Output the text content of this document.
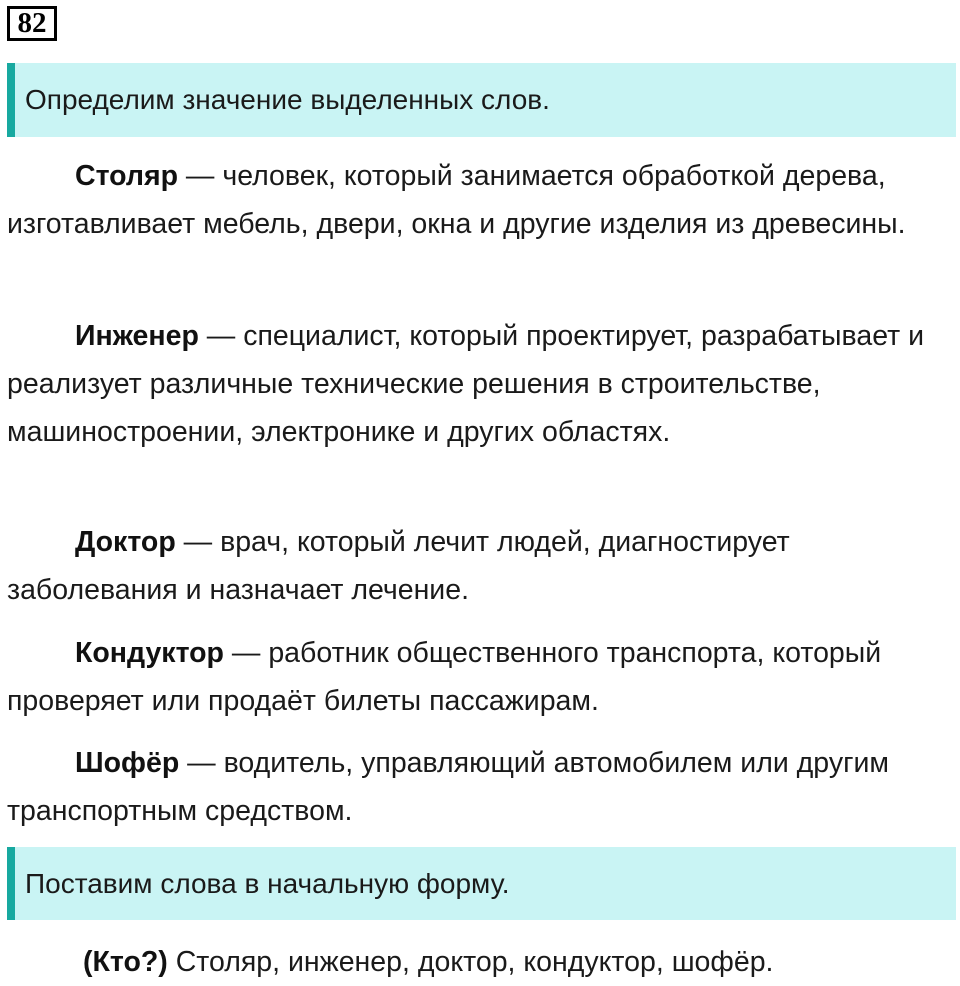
82
Определим значение выделенных слов.

Столяр — человек, который занимается обработкой дерева, изготавливает мебель, двери, окна и другие изделия из древесины.

Инженер — специалист, который проектирует, разрабатывает и реализует различные технические решения в строительстве, машиностроении, электронике и других областях.

Доктор — врач, который лечит людей, диагностирует заболевания и назначает лечение.

Кондуктор — работник общественного транспорта, который проверяет или продаёт билеты пассажирам.

Шофёр — водитель, управляющий автомобилем или другим транспортным средством.

Поставим слова в начальную форму.
(Кто?) Столяр, инженер, доктор, кондуктор, шофёр.
